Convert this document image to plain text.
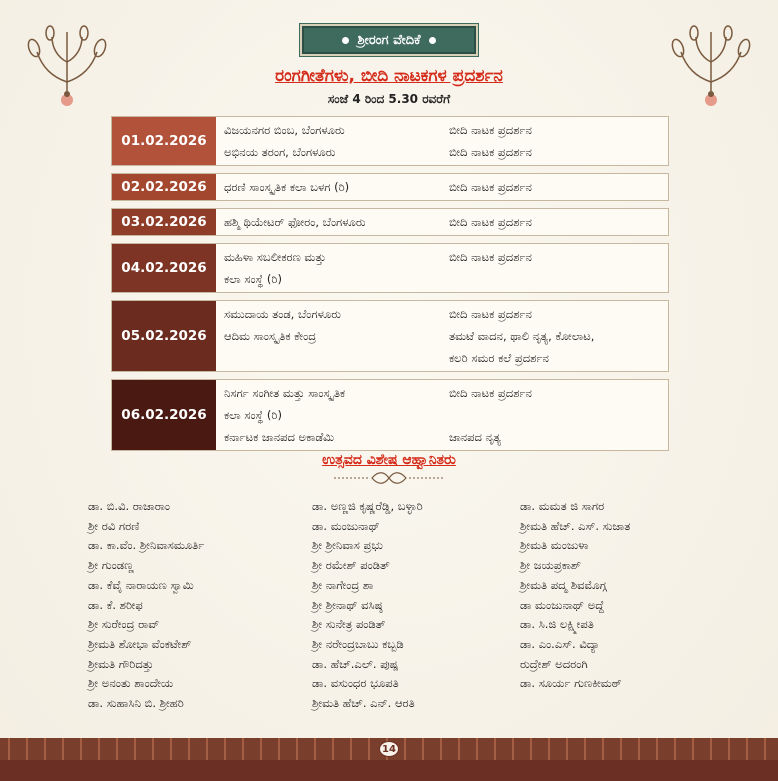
ಶ್ರೀರಂಗ ವೇದಿಕೆ
ರಂಗಗೀತೆಗಳು, ಬೀದಿ ನಾಟಕಗಳ ಪ್ರದರ್ಶನ
ಸಂಜೆ 4 ರಿಂದ 5.30 ರವರೆಗೆ
01.02.2026
ವಿಜಯನಗರ ಬಿಂಬ, ಬೆಂಗಳೂರು	ಬೀದಿ ನಾಟಕ ಪ್ರದರ್ಶನ
ಅಭಿನಯ ತರಂಗ, ಬೆಂಗಳೂರು	ಬೀದಿ ನಾಟಕ ಪ್ರದರ್ಶನ
02.02.2026	ಧರಣಿ ಸಾಂಸ್ಕೃತಿಕ ಕಲಾ ಬಳಗ (ರಿ)	ಬೀದಿ ನಾಟಕ ಪ್ರದರ್ಶನ
03.02.2026	ಹಶ್ಮಿ ಥಿಯೇಟರ್ ಫೋರಂ, ಬೆಂಗಳೂರು	ಬೀದಿ ನಾಟಕ ಪ್ರದರ್ಶನ
04.02.2026
ಮಹಿಳಾ ಸಬಲೀಕರಣ ಮತ್ತು	ಬೀದಿ ನಾಟಕ ಪ್ರದರ್ಶನ
ಕಲಾ ಸಂಸ್ಥೆ (ರಿ)
05.02.2026
ಸಮುದಾಯ ತಂಡ, ಬೆಂಗಳೂರು	ಬೀದಿ ನಾಟಕ ಪ್ರದರ್ಶನ
ಆದಿಮ ಸಾಂಸ್ಕೃತಿಕ ಕೇಂದ್ರ	ತಮಟೆ ವಾದನ, ಥಾಲಿ ನೃತ್ಯ, ಕೋಲಾಟ,
ಕಲರಿ ಸಮರ ಕಲೆ ಪ್ರದರ್ಶನ
06.02.2026
ನಿಸರ್ಗ ಸಂಗೀತ ಮತ್ತು ಸಾಂಸ್ಕೃತಿಕ	ಬೀದಿ ನಾಟಕ ಪ್ರದರ್ಶನ
ಕಲಾ ಸಂಸ್ಥೆ (ರಿ)
ಕರ್ನಾಟಕ ಜಾನಪದ ಅಕಾಡೆಮಿ	ಜಾನಪದ ನೃತ್ಯ
ಉತ್ಸವದ ವಿಶೇಷ ಆಹ್ವಾನಿತರು
ಡಾ. ಬಿ.ವಿ. ರಾಜಾರಾಂ
ಶ್ರೀ ರವಿ ಗರಣಿ
ಡಾ. ಕಾ.ವೆಂ. ಶ್ರೀನಿವಾಸಮೂರ್ತಿ
ಶ್ರೀ ಗುಂಡಣ್ಣ
ಡಾ. ಕೆವೈ ನಾರಾಯಣ ಸ್ವಾಮಿ
ಡಾ. ಕೆ. ಶರೀಫ
ಶ್ರೀ ಸುರೇಂದ್ರ ರಾವ್
ಶ್ರೀಮತಿ ಶೋಭಾ ವೆಂಕಟೇಶ್
ಶ್ರೀಮತಿ ಗೌರಿದತ್ತು
ಶ್ರೀ ಅನಂತು ಶಾಂದೇಯ
ಡಾ. ಸುಹಾಸಿನಿ ಬಿ. ಶ್ರೀಹರಿ
ಡಾ. ಅಣ್ಣಜಿ ಕೃಷ್ಣರೆಡ್ಡಿ, ಬಳ್ಳಾರಿ
ಡಾ. ಮಂಜುನಾಥ್
ಶ್ರೀ ಶ್ರೀನಿವಾಸ ಪ್ರಭು
ಶ್ರೀ ರಮೇಶ್ ಪಂಡಿತ್
ಶ್ರೀ ನಾಗೇಂದ್ರ ಶಾ
ಶ್ರೀ ಶ್ರೀನಾಥ್ ವಸಿಷ್ಠ
ಶ್ರೀ ಸುನೇತ್ರ ಪಂಡಿತ್
ಶ್ರೀ ನರೇಂದ್ರಬಾಬು ಕಬ್ಬಡಿ
ಡಾ. ಹೆಚ್.ಎಲ್. ಪುಷ್ಪ
ಡಾ. ವಸುಂಧರ ಭೂಪತಿ
ಶ್ರೀಮತಿ ಹೆಚ್. ಎನ್. ಆರತಿ
ಡಾ. ಮಮತ ಜಿ ಸಾಗರ
ಶ್ರೀಮತಿ ಹೆಚ್. ಎಸ್. ಸುಜಾತ
ಶ್ರೀಮತಿ ಮಂಜುಳಾ
ಶ್ರೀ ಜಯಪ್ರಕಾಶ್
ಶ್ರೀಮತಿ ಪದ್ಮ ಶಿವಮೊಗ್ಗ
ಡಾ ಮಂಜುನಾಥ್ ಅದ್ದೆ
ಡಾ. ಸಿ.ಜಿ ಲಕ್ಷ್ಮೀಪತಿ
ಡಾ. ಎಂ.ಎಸ್. ವಿದ್ಯಾ
ರುದ್ರೇಶ್ ಅದರಂಗಿ
ಡಾ. ಸೂರ್ಯ ಗುಣಕೀಮಠ್
14
